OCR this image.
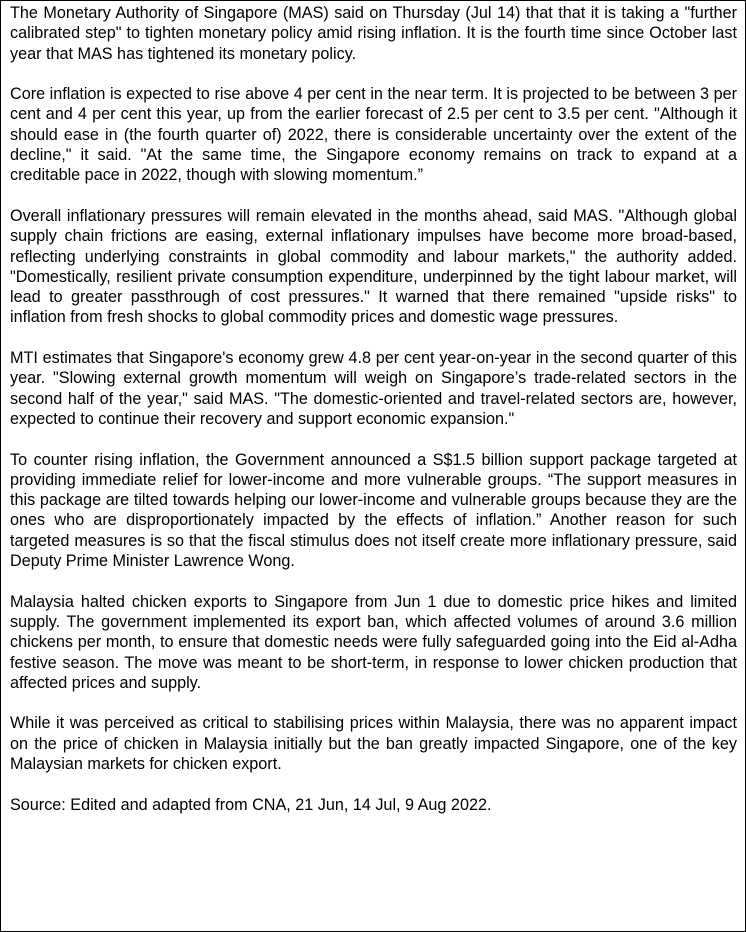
The Monetary Authority of Singapore (MAS) said on Thursday (Jul 14) that that it is taking a "further calibrated step" to tighten monetary policy amid rising inflation. It is the fourth time since October last year that MAS has tightened its monetary policy.

Core inflation is expected to rise above 4 per cent in the near term. It is projected to be between 3 per cent and 4 per cent this year, up from the earlier forecast of 2.5 per cent to 3.5 per cent. "Although it should ease in (the fourth quarter of) 2022, there is considerable uncertainty over the extent of the decline," it said. "At the same time, the Singapore economy remains on track to expand at a creditable pace in 2022, though with slowing momentum.”

Overall inflationary pressures will remain elevated in the months ahead, said MAS. "Although global supply chain frictions are easing, external inflationary impulses have become more broad-based, reflecting underlying constraints in global commodity and labour markets," the authority added. "Domestically, resilient private consumption expenditure, underpinned by the tight labour market, will lead to greater passthrough of cost pressures." It warned that there remained "upside risks" to inflation from fresh shocks to global commodity prices and domestic wage pressures.

MTI estimates that Singapore's economy grew 4.8 per cent year-on-year in the second quarter of this year. "Slowing external growth momentum will weigh on Singapore’s trade-related sectors in the second half of the year," said MAS. "The domestic-oriented and travel-related sectors are, however, expected to continue their recovery and support economic expansion."

To counter rising inflation, the Government announced a S$1.5 billion support package targeted at providing immediate relief for lower-income and more vulnerable groups. “The support measures in this package are tilted towards helping our lower-income and vulnerable groups because they are the ones who are disproportionately impacted by the effects of inflation.” Another reason for such targeted measures is so that the fiscal stimulus does not itself create more inflationary pressure, said Deputy Prime Minister Lawrence Wong.

Malaysia halted chicken exports to Singapore from Jun 1 due to domestic price hikes and limited supply. The government implemented its export ban, which affected volumes of around 3.6 million chickens per month, to ensure that domestic needs were fully safeguarded going into the Eid al-Adha festive season. The move was meant to be short-term, in response to lower chicken production that affected prices and supply.

While it was perceived as critical to stabilising prices within Malaysia, there was no apparent impact on the price of chicken in Malaysia initially but the ban greatly impacted Singapore, one of the key Malaysian markets for chicken export.

Source: Edited and adapted from CNA, 21 Jun, 14 Jul, 9 Aug 2022.
